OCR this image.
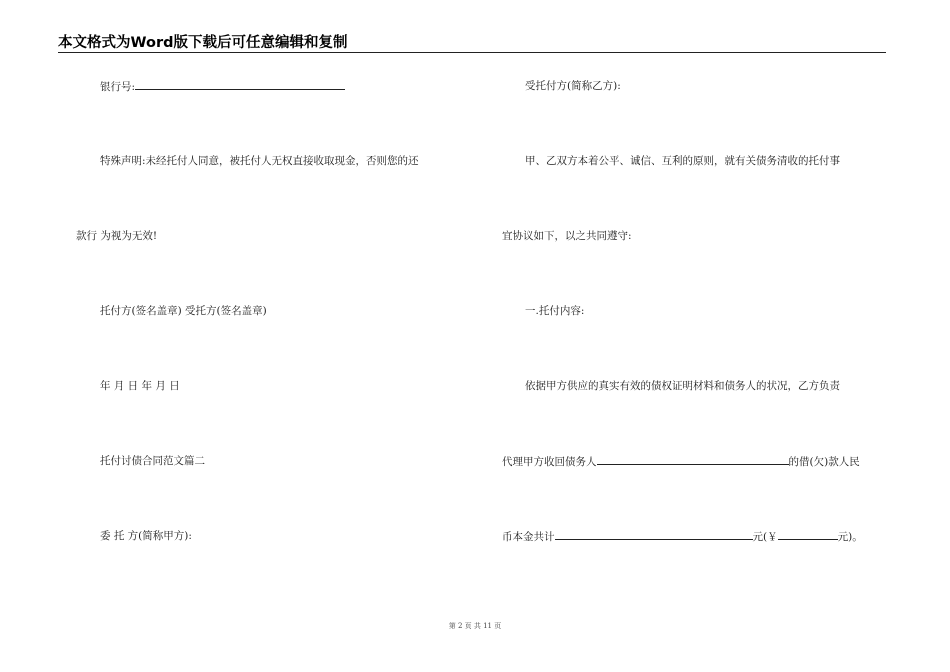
本文格式为Word版下载后可任意编辑和复制
银行号:
特殊声明:未经托付人同意，被托付人无权直接收取现金，否则您的还
款行 为视为无效!
托付方(签名盖章) 受托方(签名盖章)
年 月 日 年 月 日
托付讨债合同范文篇二
委 托 方(简称甲方):
受托付方(简称乙方):
甲、乙双方本着公平、诚信、互利的原则，就有关债务清收的托付事
宜协议如下，以之共同遵守:
一.托付内容:
依据甲方供应的真实有效的债权证明材料和债务人的状况，乙方负责
代理甲方收回债务人	的借(欠)款人民
币本金共计	元(￥	元)。
第 2 页 共 11 页
